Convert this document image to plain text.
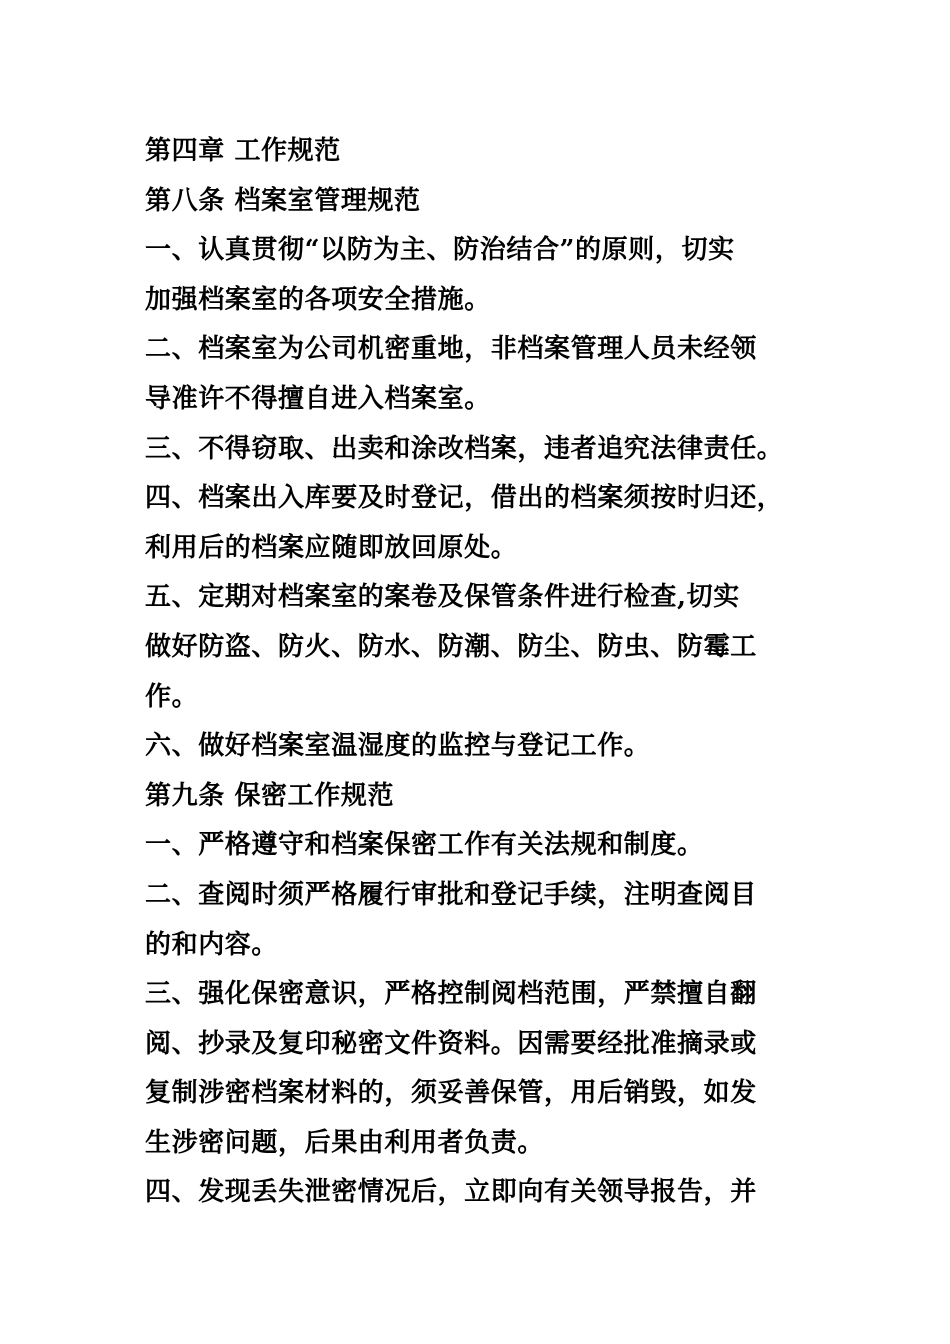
第四章 工作规范
第八条 档案室管理规范
一、认真贯彻“以防为主、防治结合”的原则，切实
加强档案室的各项安全措施。
二、档案室为公司机密重地，非档案管理人员未经领
导准许不得擅自进入档案室。
三、不得窃取、出卖和涂改档案，违者追究法律责任。
四、档案出入库要及时登记，借出的档案须按时归还，
利用后的档案应随即放回原处。
五、定期对档案室的案卷及保管条件进行检查,切实
做好防盗、防火、防水、防潮、防尘、防虫、防霉工
作。
六、做好档案室温湿度的监控与登记工作。
第九条 保密工作规范
一、严格遵守和档案保密工作有关法规和制度。
二、查阅时须严格履行审批和登记手续，注明查阅目
的和内容。
三、强化保密意识，严格控制阅档范围，严禁擅自翻
阅、抄录及复印秘密文件资料。因需要经批准摘录或
复制涉密档案材料的，须妥善保管，用后销毁，如发
生涉密问题，后果由利用者负责。
四、发现丢失泄密情况后，立即向有关领导报告，并
